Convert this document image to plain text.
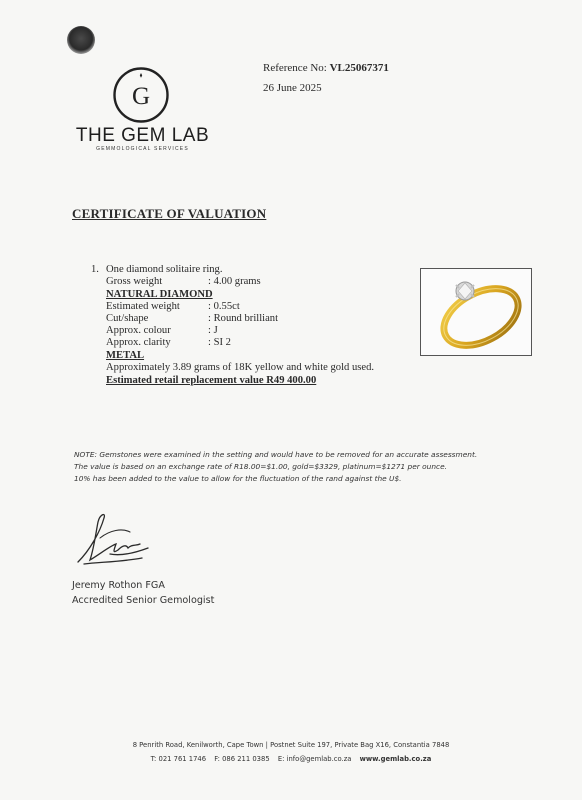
G
THE GEM LAB
GEMMOLOGICAL SERVICES
Reference No: VL25067371
26 June 2025
CERTIFICATE OF VALUATION
1. One diamond solitaire ring.
Gross weight	: 4.00 grams
NATURAL DIAMOND
Estimated weight	: 0.55ct
Cut/shape	: Round brilliant
Approx. colour	: J
Approx. clarity	: SI 2
METAL
Approximately 3.89 grams of 18K yellow and white gold used.
Estimated retail replacement value R49 400.00
NOTE: Gemstones were examined in the setting and would have to be removed for an accurate assessment.
The value is based on an exchange rate of R18.00=$1.00, gold=$3329, platinum=$1271 per ounce.
10% has been added to the value to allow for the fluctuation of the rand against the U$.
Jeremy Rothon FGA
Accredited Senior Gemologist
8 Penrith Road, Kenilworth, Cape Town | Postnet Suite 197, Private Bag X16, Constantia 7848
T: 021 761 1746 F: 086 211 0385 E: info@gemlab.co.za www.gemlab.co.za
